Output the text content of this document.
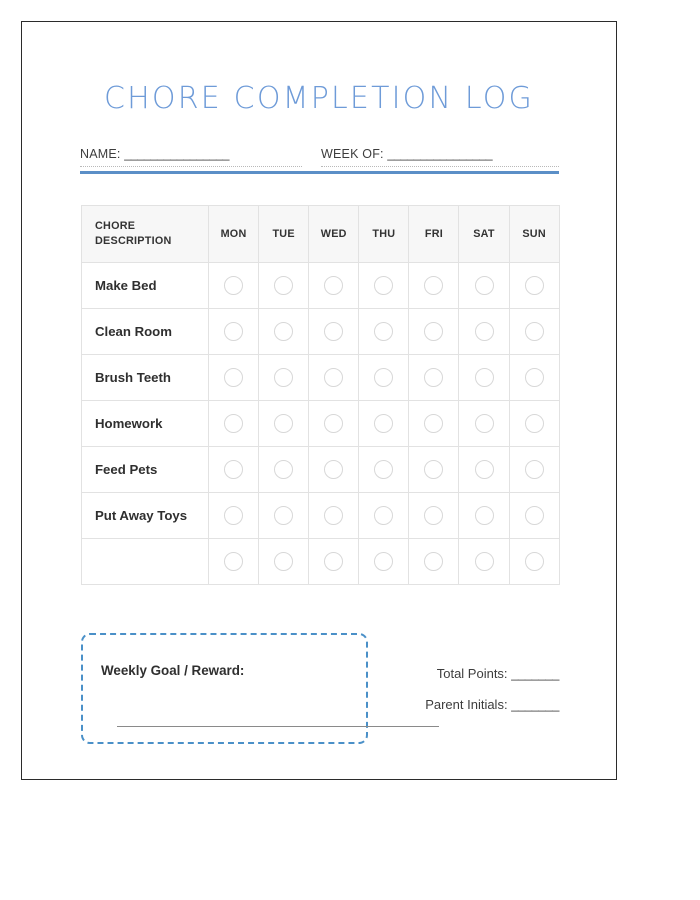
CHORE COMPLETION LOG
NAME: ________________	WEEK OF: ________________
CHORE
DESCRIPTION	MON	TUE	WED	THU	FRI	SAT	SUN
Make Bed							
Clean Room							
Brush Teeth							
Homework							
Feed Pets							
Put Away Toys							

Weekly Goal / Reward:	Total Points: _______
Parent Initials: _______
